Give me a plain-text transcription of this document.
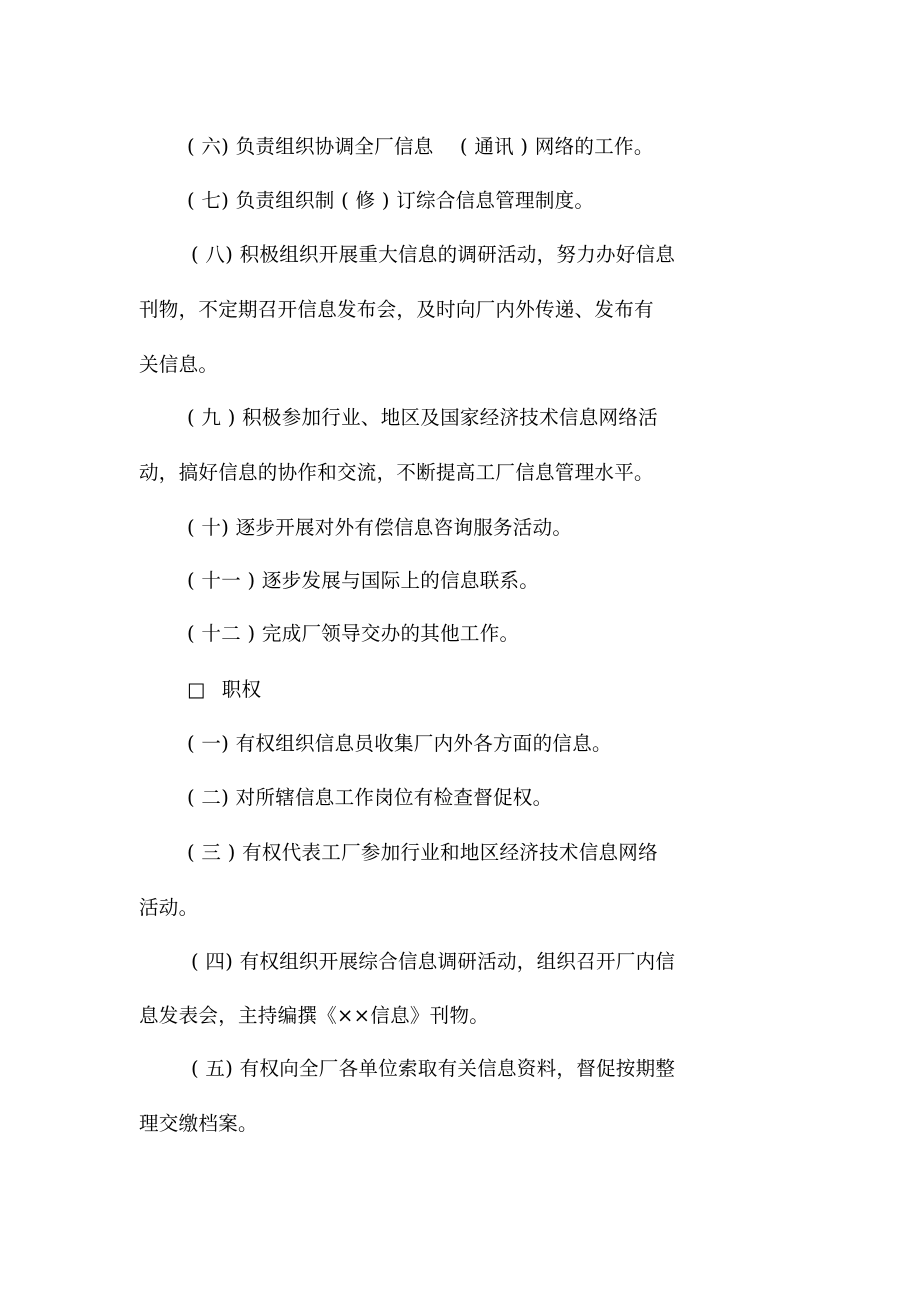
( 六) 负责组织协调全厂信息　 ( 通讯 ) 网络的工作。
( 七) 负责组织制 ( 修 ) 订综合信息管理制度。
( 八) 积极组织开展重大信息的调研活动，努力办好信息
刊物，不定期召开信息发布会，及时向厂内外传递、发布有
关信息。
( 九 ) 积极参加行业、地区及国家经济技术信息网络活
动，搞好信息的协作和交流，不断提高工厂信息管理水平。
( 十) 逐步开展对外有偿信息咨询服务活动。
( 十一 ) 逐步发展与国际上的信息联系。
( 十二 ) 完成厂领导交办的其他工作。
□ 职权
( 一) 有权组织信息员收集厂内外各方面的信息。
( 二) 对所辖信息工作岗位有检查督促权。
( 三 ) 有权代表工厂参加行业和地区经济技术信息网络
活动。
( 四) 有权组织开展综合信息调研活动，组织召开厂内信
息发表会，主持编撰《××信息》刊物。
( 五) 有权向全厂各单位索取有关信息资料，督促按期整
理交缴档案。
